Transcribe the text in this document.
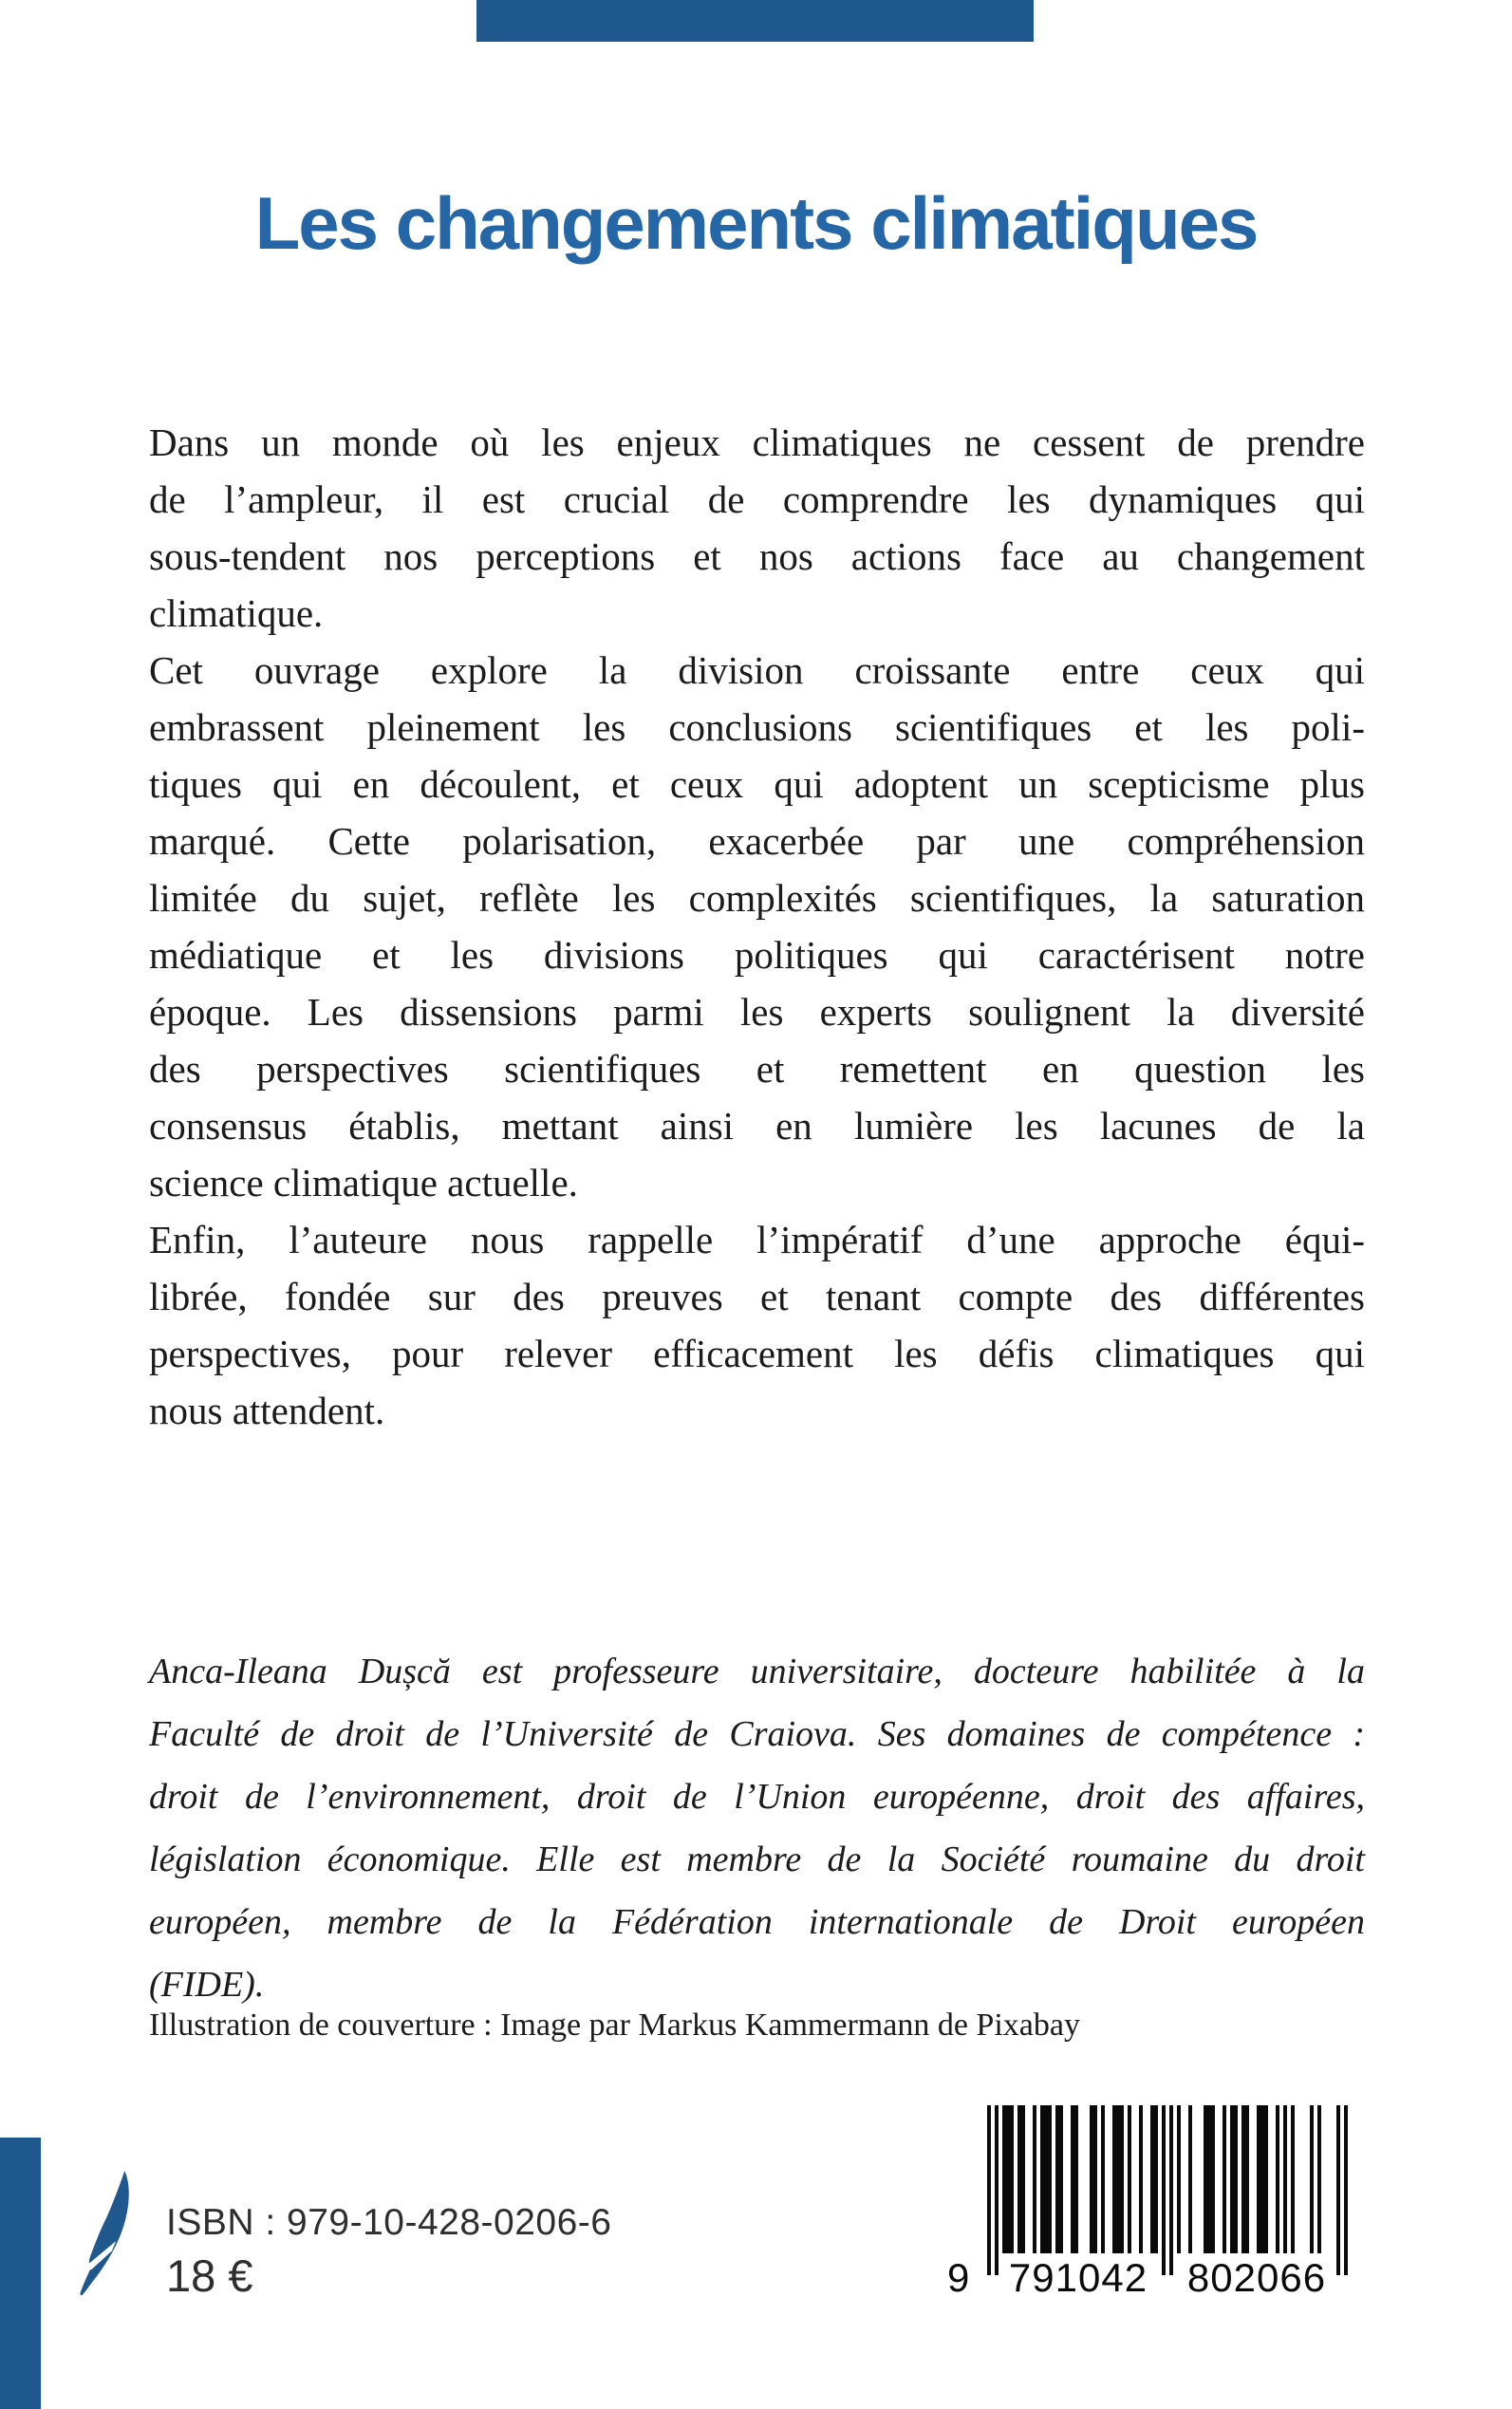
Les changements climatiques
Dans un monde où les enjeux climatiques ne cessent de prendre
de l’ampleur, il est crucial de comprendre les dynamiques qui
sous-tendent nos perceptions et nos actions face au changement
climatique.
Cet ouvrage explore la division croissante entre ceux qui
embrassent pleinement les conclusions scientifiques et les poli-
tiques qui en découlent, et ceux qui adoptent un scepticisme plus
marqué. Cette polarisation, exacerbée par une compréhension
limitée du sujet, reflète les complexités scientifiques, la saturation
médiatique et les divisions politiques qui caractérisent notre
époque. Les dissensions parmi les experts soulignent la diversité
des perspectives scientifiques et remettent en question les
consensus établis, mettant ainsi en lumière les lacunes de la
science climatique actuelle.
Enfin, l’auteure nous rappelle l’impératif d’une approche équi-
librée, fondée sur des preuves et tenant compte des différentes
perspectives, pour relever efficacement les défis climatiques qui
nous attendent.
Anca-Ileana Dușcă est professeure universitaire, docteure habilitée à la
Faculté de droit de l’Université de Craiova. Ses domaines de compétence :
droit de l’environnement, droit de l’Union européenne, droit des affaires,
législation économique. Elle est membre de la Société roumaine du droit
européen, membre de la Fédération internationale de Droit européen
(FIDE).
Illustration de couverture : Image par Markus Kammermann de Pixabay
ISBN : 979-10-428-0206-6
18 €	9 791042 802066
